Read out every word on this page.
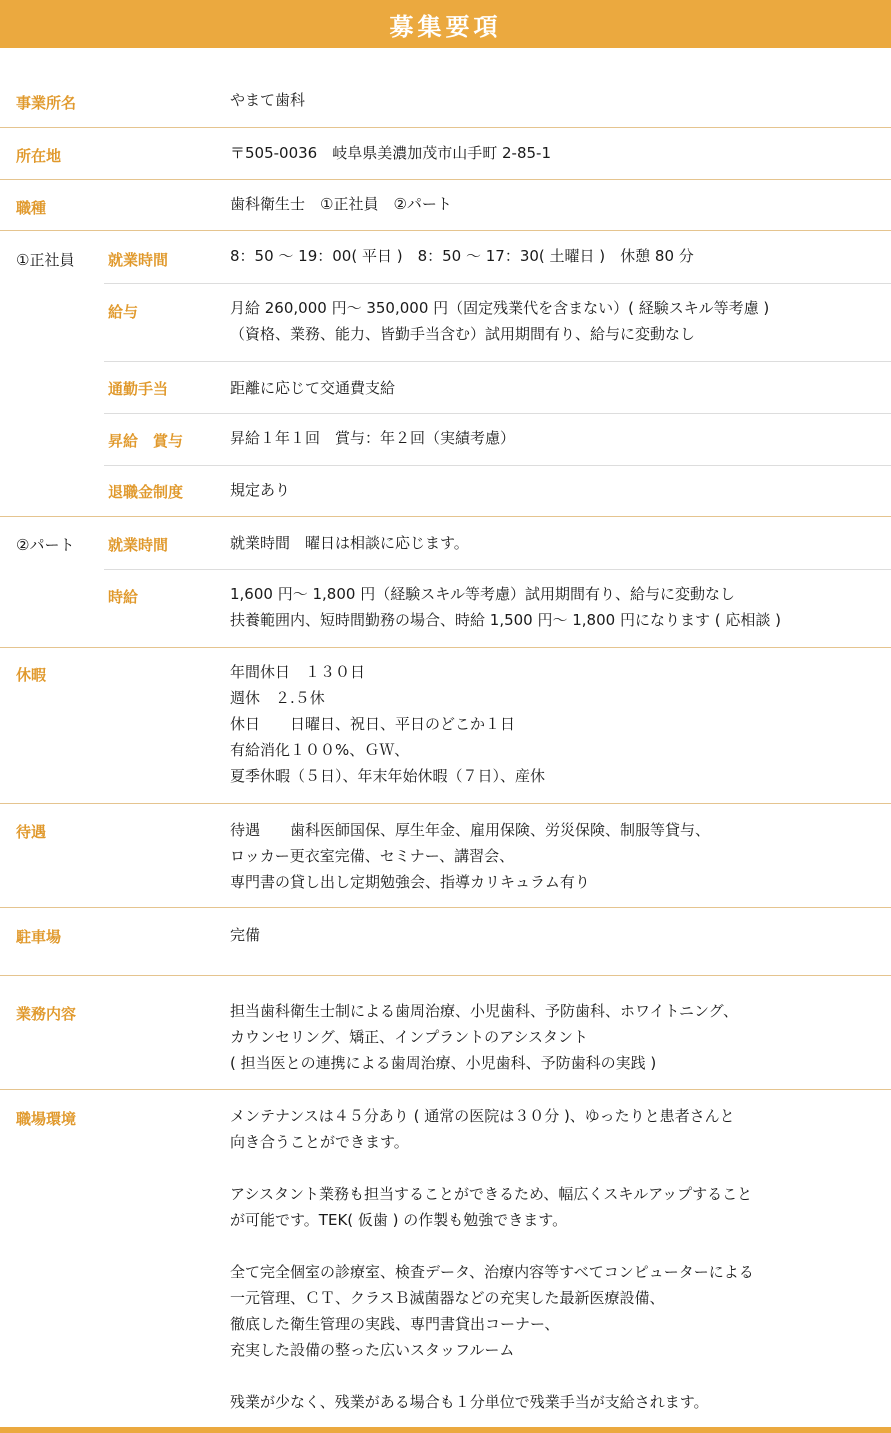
募集要項
事業所名	やまて歯科
所在地	〒505-0036　岐阜県美濃加茂市山手町 2-85-1
職種	歯科衛生士　①正社員　②パート
①正社員 就業時間	8：50 ～ 19：00( 平日 )　8：50 ～ 17：30( 土曜日 )　休憩 80 分
給与	月給 260,000 円～ 350,000 円（固定残業代を含まない）( 経験スキル等考慮 )
（資格、業務、能力、皆勤手当含む）試用期間有り、給与に変動なし
通勤手当	距離に応じて交通費支給
昇給　賞与	昇給１年１回　賞与：年２回（実績考慮）
退職金制度	規定あり
②パート 就業時間	就業時間　曜日は相談に応じます。
時給	1,600 円～ 1,800 円（経験スキル等考慮）試用期間有り、給与に変動なし
扶養範囲内、短時間勤務の場合、時給 1,500 円～ 1,800 円になります ( 応相談 )
休暇	年間休日　１３０日
週休　２.５休
休日　　日曜日、祝日、平日のどこか１日
有給消化１００%、ＧＷ、
夏季休暇（５日）、年末年始休暇（７日）、産休
待遇	待遇　　歯科医師国保、厚生年金、雇用保険、労災保険、制服等貸与、
ロッカー更衣室完備、セミナー、講習会、
専門書の貸し出し定期勉強会、指導カリキュラム有り
駐車場	完備
業務内容	担当歯科衛生士制による歯周治療、小児歯科、予防歯科、ホワイトニング、
カウンセリング、矯正、インプラントのアシスタント
( 担当医との連携による歯周治療、小児歯科、予防歯科の実践 )
職場環境	メンテナンスは４５分あり ( 通常の医院は３０分 )、ゆったりと患者さんと
向き合うことができます。

アシスタント業務も担当することができるため、幅広くスキルアップすること
が可能です。TEK( 仮歯 ) の作製も勉強できます。

全て完全個室の診療室、検査データ、治療内容等すべてコンピューターによる
一元管理、ＣＴ、クラスＢ滅菌器などの充実した最新医療設備、
徹底した衛生管理の実践、専門書貸出コーナー、
充実した設備の整った広いスタッフルーム

残業が少なく、残業がある場合も１分単位で残業手当が支給されます。
